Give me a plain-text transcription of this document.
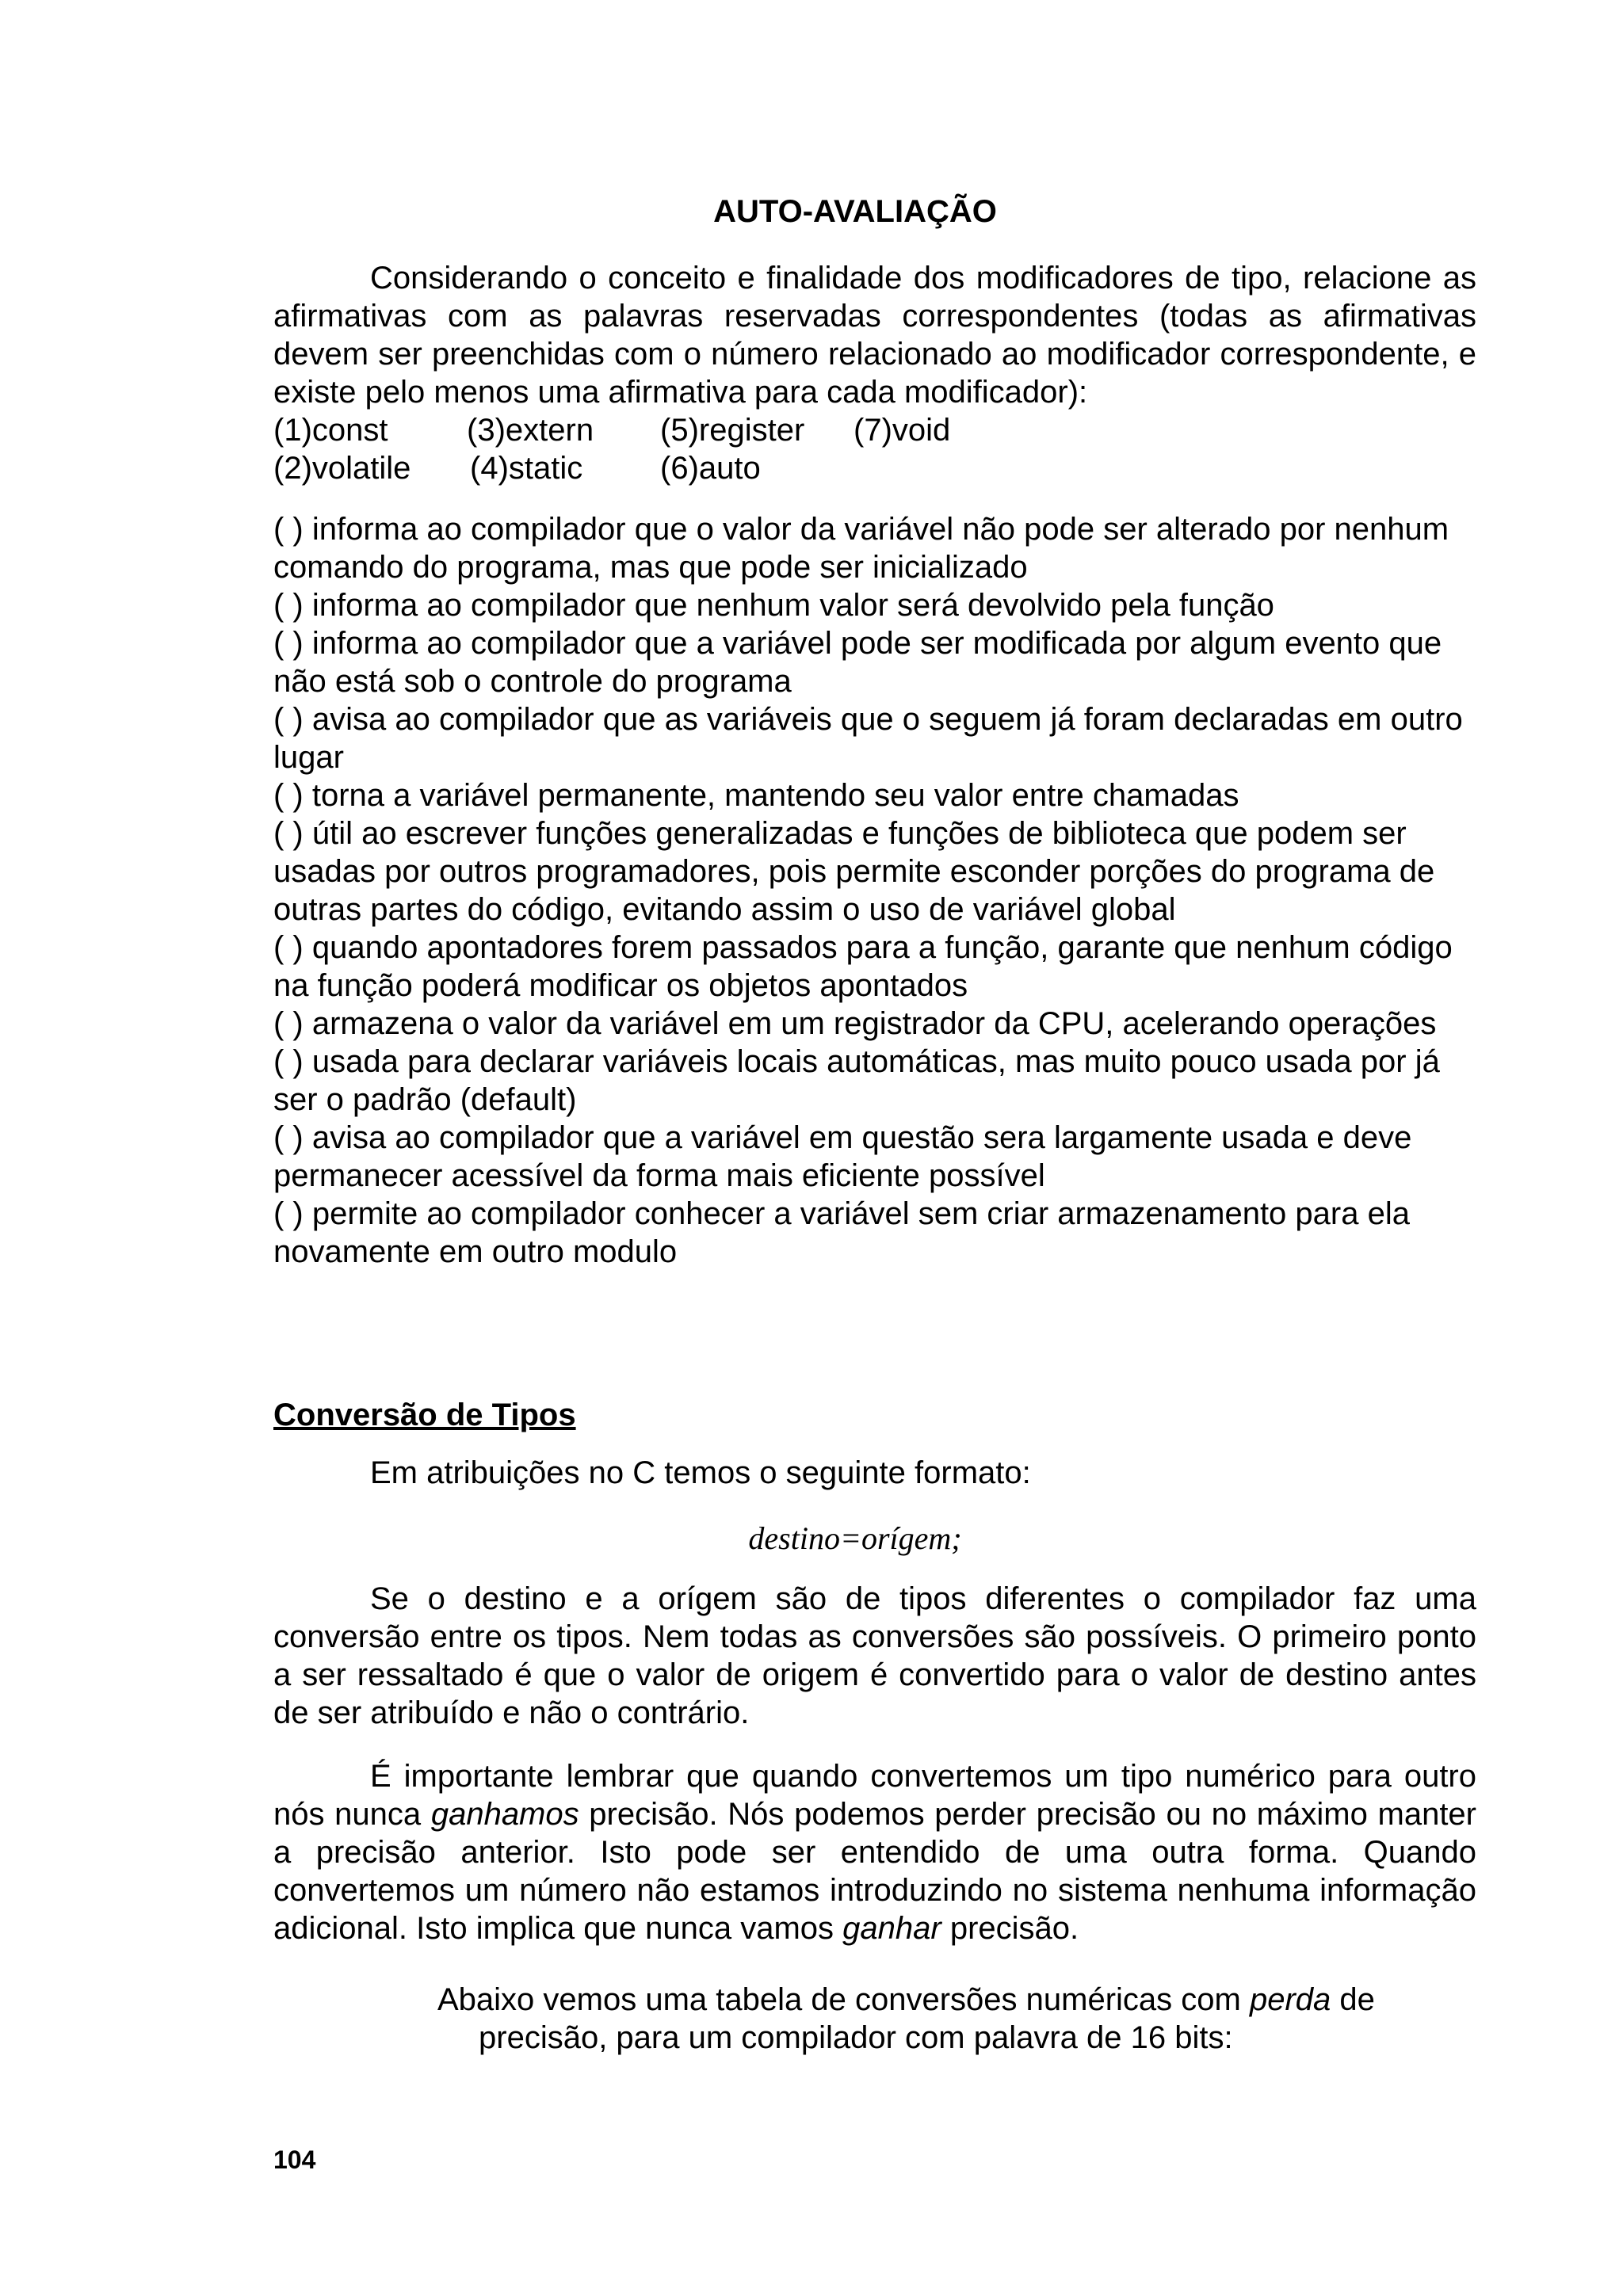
AUTO-AVALIAÇÃO
Considerando o conceito e finalidade dos modificadores de tipo, relacione as afirmativas com as palavras reservadas correspondentes (todas as afirmativas devem ser preenchidas com o número relacionado ao modificador correspondente, e existe pelo menos uma afirmativa para cada modificador):
(1)const (3)extern (5)register (7)void
(2)volatile (4)static (6)auto

( ) informa ao compilador que o valor da variável não pode ser alterado por nenhum comando do programa, mas que pode ser inicializado

( ) informa ao compilador que nenhum valor será devolvido pela função

( ) informa ao compilador que a variável pode ser modificada por algum evento que não está sob o controle do programa

( ) avisa ao compilador que as variáveis que o seguem já foram declaradas em outro lugar

( ) torna a variável permanente, mantendo seu valor entre chamadas

( ) útil ao escrever funções generalizadas e funções de biblioteca que podem ser usadas por outros programadores, pois permite esconder porções do programa de outras partes do código, evitando assim o uso de variável global

( ) quando apontadores forem passados para a função, garante que nenhum código na função poderá modificar os objetos apontados

( ) armazena o valor da variável em um registrador da CPU, acelerando operações

( ) usada para declarar variáveis locais automáticas, mas muito pouco usada por já ser o padrão (default)

( ) avisa ao compilador que a variável em questão sera largamente usada e deve permanecer acessível da forma mais eficiente possível

( ) permite ao compilador conhecer a variável sem criar armazenamento para ela novamente em outro modulo

Conversão de Tipos
Em atribuições no C temos o seguinte formato:
destino=orígem;
Se o destino e a orígem são de tipos diferentes o compilador faz uma conversão entre os tipos. Nem todas as conversões são possíveis. O primeiro ponto a ser ressaltado é que o valor de origem é convertido para o valor de destino antes de ser atribuído e não o contrário.
É importante lembrar que quando convertemos um tipo numérico para outro nós nunca ganhamos precisão. Nós podemos perder precisão ou no máximo manter a precisão anterior. Isto pode ser entendido de uma outra forma. Quando convertemos um número não estamos introduzindo no sistema nenhuma informação adicional. Isto implica que nunca vamos ganhar precisão.

Abaixo vemos uma tabela de conversões numéricas com perda de

precisão, para um compilador com palavra de 16 bits:

104
